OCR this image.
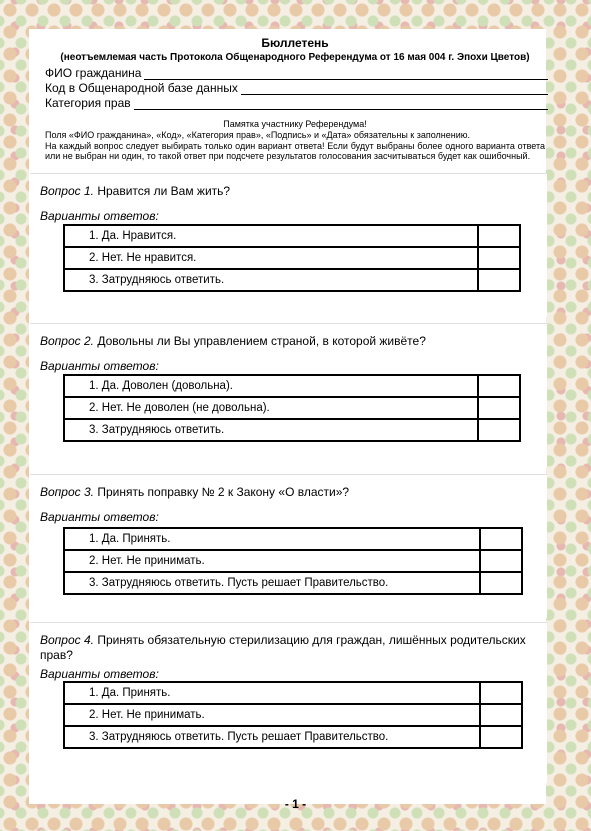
Бюллетень

(неотъемлемая часть Протокола Общенародного Референдума от 16 мая 004 г. Эпохи Цветов)

ФИО гражданина
Код в Общенародной базе данных
Категория прав

Памятка участнику Референдума!

Поля «ФИО гражданина», «Код», «Категория прав», «Подпись» и «Дата» обязательны к заполнению.

На каждый вопрос следует выбирать только один вариант ответа! Если будут выбраны более одного варианта ответа или не выбран ни один, то такой ответ при подсчете результатов голосования засчитываться будет как ошибочный.

Вопрос 1. Нравится ли Вам жить?
Варианты ответов:
1. Да. Нравится.	
2. Нет. Не нравится.	
3. Затрудняюсь ответить.	
Вопрос 2. Довольны ли Вы управлением страной, в которой живёте?
Варианты ответов:
1. Да. Доволен (довольна).	
2. Нет. Не доволен (не довольна).	
3. Затрудняюсь ответить.	
Вопрос 3. Принять поправку № 2 к Закону «О власти»?
Варианты ответов:
1. Да. Принять.	
2. Нет. Не принимать.	
3. Затрудняюсь ответить. Пусть решает Правительство.	
Вопрос 4. Принять обязательную стерилизацию для граждан, лишённых родительских прав?
Варианты ответов:
1. Да. Принять.	
2. Нет. Не принимать.	
3. Затрудняюсь ответить. Пусть решает Правительство.	
- 1 -
